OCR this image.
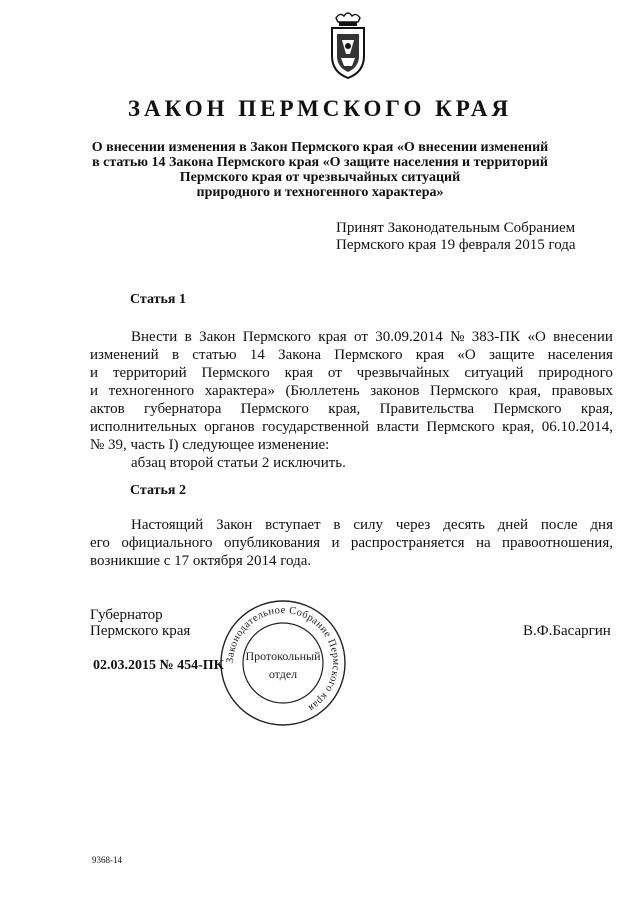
ЗАКОН ПЕРМСКОГО КРАЯ
О внесении изменения в Закон Пермского края «О внесении изменений
в статью 14 Закона Пермского края «О защите населения и территорий
Пермского края от чрезвычайных ситуаций
природного и техногенного характера»
Принят Законодательным Собранием
Пермского края 19 февраля 2015 года
Статья 1
Внести в Закон Пермского края от 30.09.2014 № 383-ПК «О внесении
изменений в статью 14 Закона Пермского края «О защите населения
и территорий Пермского края от чрезвычайных ситуаций природного
и техногенного характера» (Бюллетень законов Пермского края, правовых
актов губернатора Пермского края, Правительства Пермского края,
исполнительных органов государственной власти Пермского края, 06.10.2014,
№ 39, часть I) следующее изменение:
абзац второй статьи 2 исключить.
Статья 2
Настоящий Закон вступает в силу через десять дней после дня
его официального опубликования и распространяется на правоотношения,
возникшие с 17 октября 2014 года.
Губернатор
Пермского края	В.Ф.Басаргин
Законодательное Собрание Пермского края
Протокольный
отдел
02.03.2015 № 454-ПК
9368-14
